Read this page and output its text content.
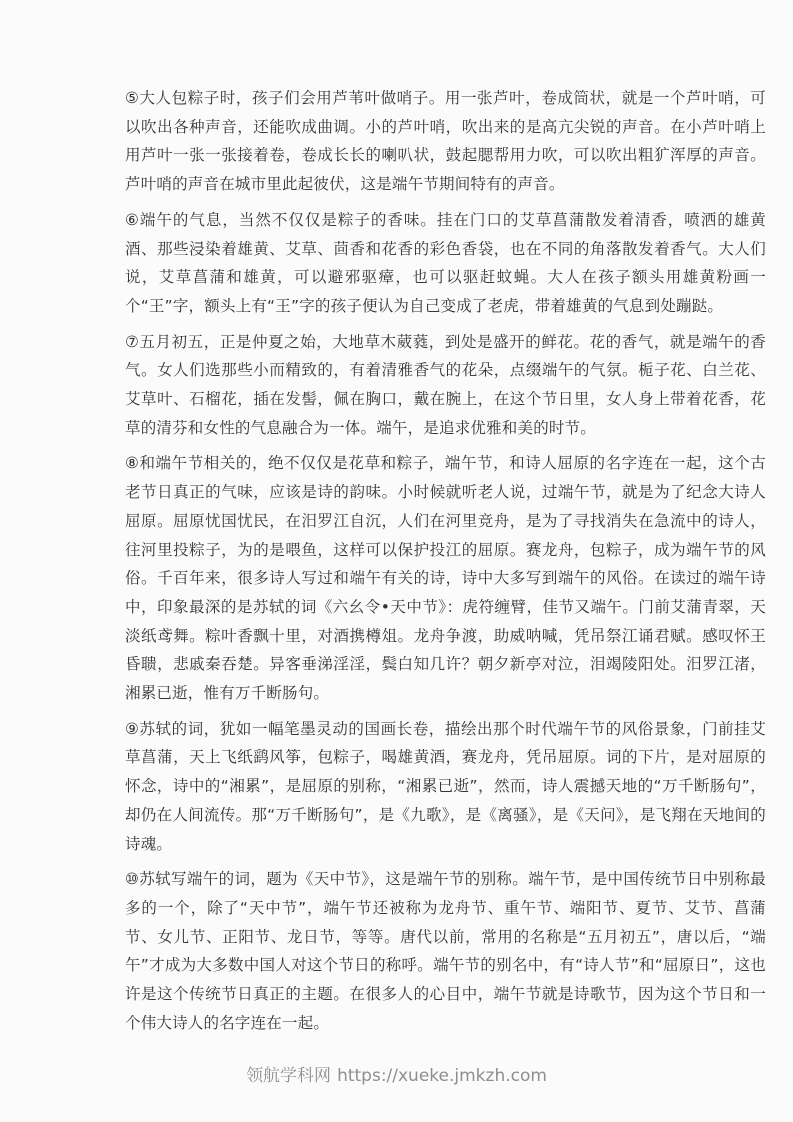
⑤大人包粽子时，孩子们会用芦苇叶做哨子。用一张芦叶，卷成筒状，就是一个芦叶哨，可以吹出各种声音，还能吹成曲调。小的芦叶哨，吹出来的是高亢尖锐的声音。在小芦叶哨上用芦叶一张一张接着卷，卷成长长的喇叭状，鼓起腮帮用力吹，可以吹出粗犷浑厚的声音。芦叶哨的声音在城市里此起彼伏，这是端午节期间特有的声音。

⑥端午的气息，当然不仅仅是粽子的香味。挂在门口的艾草菖蒲散发着清香，喷洒的雄黄酒、那些浸染着雄黄、艾草、茴香和花香的彩色香袋，也在不同的角落散发着香气。大人们说，艾草菖蒲和雄黄，可以避邪驱瘴，也可以驱赶蚊蝇。大人在孩子额头用雄黄粉画一个“王”字，额头上有“王”字的孩子便认为自己变成了老虎，带着雄黄的气息到处蹦跶。

⑦五月初五，正是仲夏之始，大地草木葳蕤，到处是盛开的鲜花。花的香气，就是端午的香气。女人们选那些小而精致的，有着清雅香气的花朵，点缀端午的气氛。栀子花、白兰花、艾草叶、石榴花，插在发髻，佩在胸口，戴在腕上，在这个节日里，女人身上带着花香，花草的清芬和女性的气息融合为一体。端午，是追求优雅和美的时节。

⑧和端午节相关的，绝不仅仅是花草和粽子，端午节，和诗人屈原的名字连在一起，这个古老节日真正的气味，应该是诗的韵味。小时候就听老人说，过端午节，就是为了纪念大诗人屈原。屈原忧国忧民，在汨罗江自沉，人们在河里竞舟，是为了寻找消失在急流中的诗人，往河里投粽子，为的是喂鱼，这样可以保护投江的屈原。赛龙舟，包粽子，成为端午节的风俗。千百年来，很多诗人写过和端午有关的诗，诗中大多写到端午的风俗。在读过的端午诗中，印象最深的是苏轼的词《六幺令•天中节》：虎符缠臂，佳节又端午。门前艾蒲青翠，天淡纸鸢舞。粽叶香飘十里，对酒携樽俎。龙舟争渡，助威呐喊，凭吊祭江诵君赋。感叹怀王昏聩，悲戚秦吞楚。异客垂涕淫淫，鬓白知几许？朝夕新亭对泣，泪竭陵阳处。汨罗江渚，湘累已逝，惟有万千断肠句。

⑨苏轼的词，犹如一幅笔墨灵动的国画长卷，描绘出那个时代端午节的风俗景象，门前挂艾草菖蒲，天上飞纸鹞风筝，包粽子，喝雄黄酒，赛龙舟，凭吊屈原。词的下片，是对屈原的怀念，诗中的“湘累”，是屈原的别称，“湘累已逝”，然而，诗人震撼天地的“万千断肠句”，却仍在人间流传。那“万千断肠句”，是《九歌》，是《离骚》，是《天问》，是飞翔在天地间的诗魂。

⑩苏轼写端午的词，题为《天中节》，这是端午节的别称。端午节，是中国传统节日中别称最多的一个，除了“天中节”，端午节还被称为龙舟节、重午节、端阳节、夏节、艾节、菖蒲节、女儿节、正阳节、龙日节，等等。唐代以前，常用的名称是“五月初五”，唐以后，“端午”才成为大多数中国人对这个节日的称呼。端午节的别名中，有“诗人节”和“屈原日”，这也许是这个传统节日真正的主题。在很多人的心目中，端午节就是诗歌节，因为这个节日和一个伟大诗人的名字连在一起。

领航学科网 https://xueke.jmkzh.com
